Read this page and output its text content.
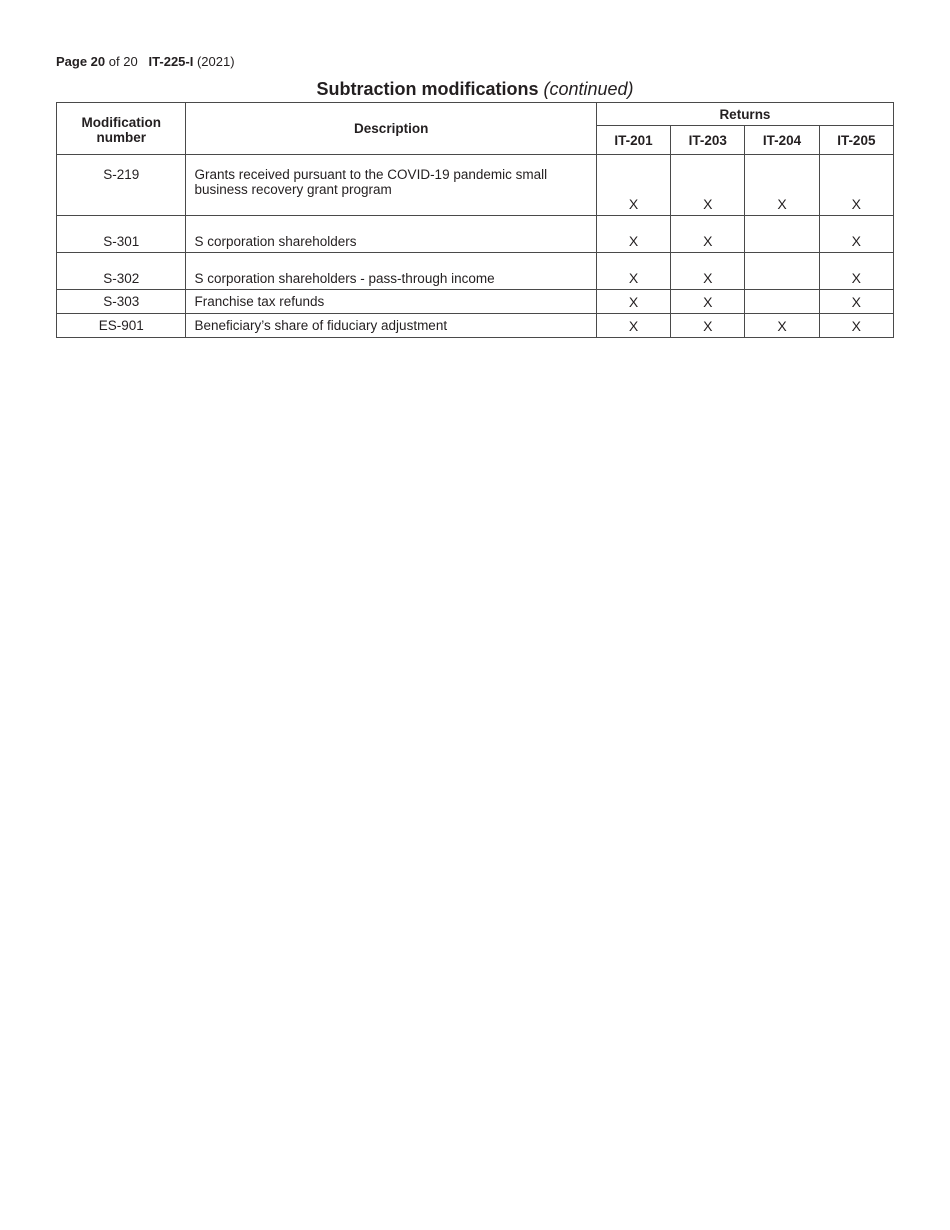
Page 20 of 20 IT-225-I (2021)
Subtraction modifications (continued)
Modification number	Description	Returns			
		IT-201	IT-203	IT-204	IT-205
S-219	Grants received pursuant to the COVID-19 pandemic small business recovery grant program	X	X	X	X
S-301	S corporation shareholders	X	X		X
S-302	S corporation shareholders - pass-through income	X	X		X
S-303	Franchise tax refunds	X	X		X
ES-901	Beneficiary’s share of fiduciary adjustment	X	X	X	X
